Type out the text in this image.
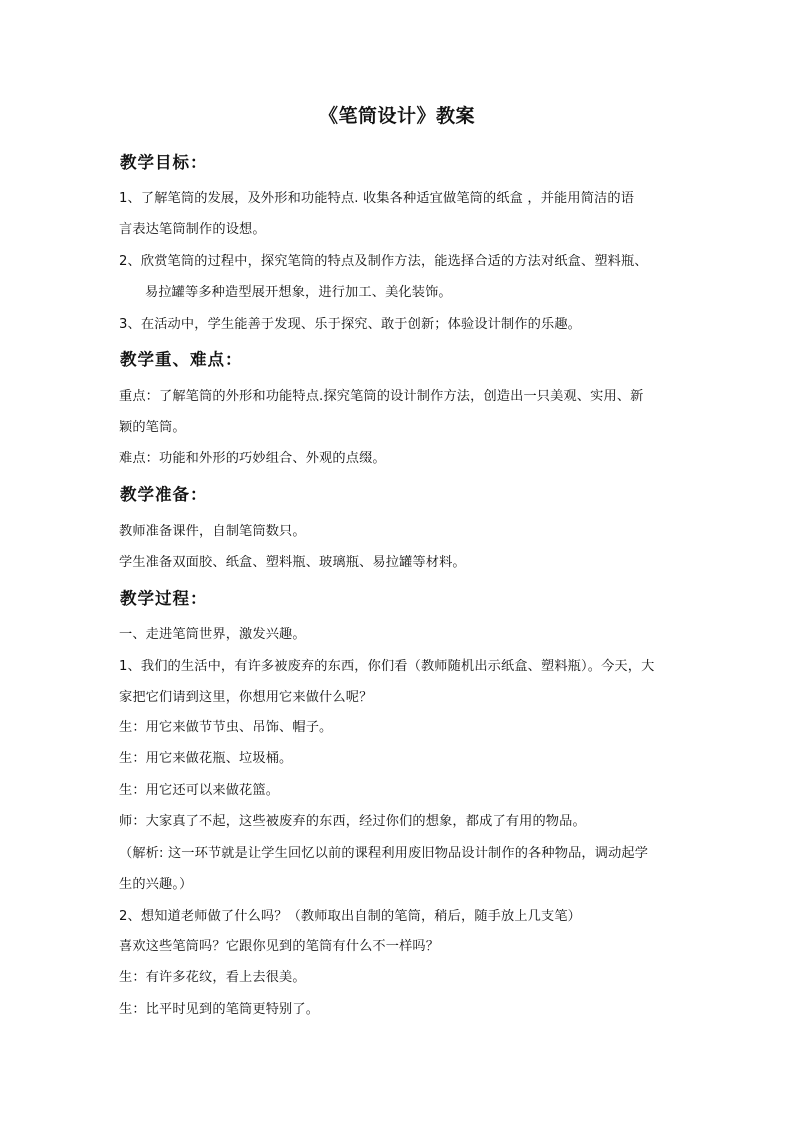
《笔筒设计》教案
教学目标：
1、了解笔筒的发展，及外形和功能特点. 收集各种适宜做笔筒的纸盒 ，并能用简洁的语
言表达笔筒制作的设想。
2、欣赏笔筒的过程中，探究笔筒的特点及制作方法，能选择合适的方法对纸盒、塑料瓶、
易拉罐等多种造型展开想象，进行加工、美化装饰。
3、在活动中，学生能善于发现、乐于探究、敢于创新；体验设计制作的乐趣。
教学重、难点：
重点：了解笔筒的外形和功能特点.探究笔筒的设计制作方法，创造出一只美观、实用、新
颖的笔筒。
难点：功能和外形的巧妙组合、外观的点缀。
教学准备：
教师准备课件，自制笔筒数只。
学生准备双面胶、纸盒、塑料瓶、玻璃瓶、易拉罐等材料。
教学过程：
一、走进笔筒世界，激发兴趣。
1、我们的生活中，有许多被废弃的东西，你们看（教师随机出示纸盒、塑料瓶）。今天，大
家把它们请到这里，你想用它来做什么呢？
生：用它来做节节虫、吊饰、帽子。
生：用它来做花瓶、垃圾桶。
生：用它还可以来做花篮。
师：大家真了不起，这些被废弃的东西，经过你们的想象，都成了有用的物品。
（解析: 这一环节就是让学生回忆以前的课程利用废旧物品设计制作的各种物品，调动起学
生的兴趣。）
2、想知道老师做了什么吗？（教师取出自制的笔筒，稍后，随手放上几支笔）
喜欢这些笔筒吗？它跟你见到的笔筒有什么不一样吗？
生：有许多花纹，看上去很美。
生：比平时见到的笔筒更特别了。
